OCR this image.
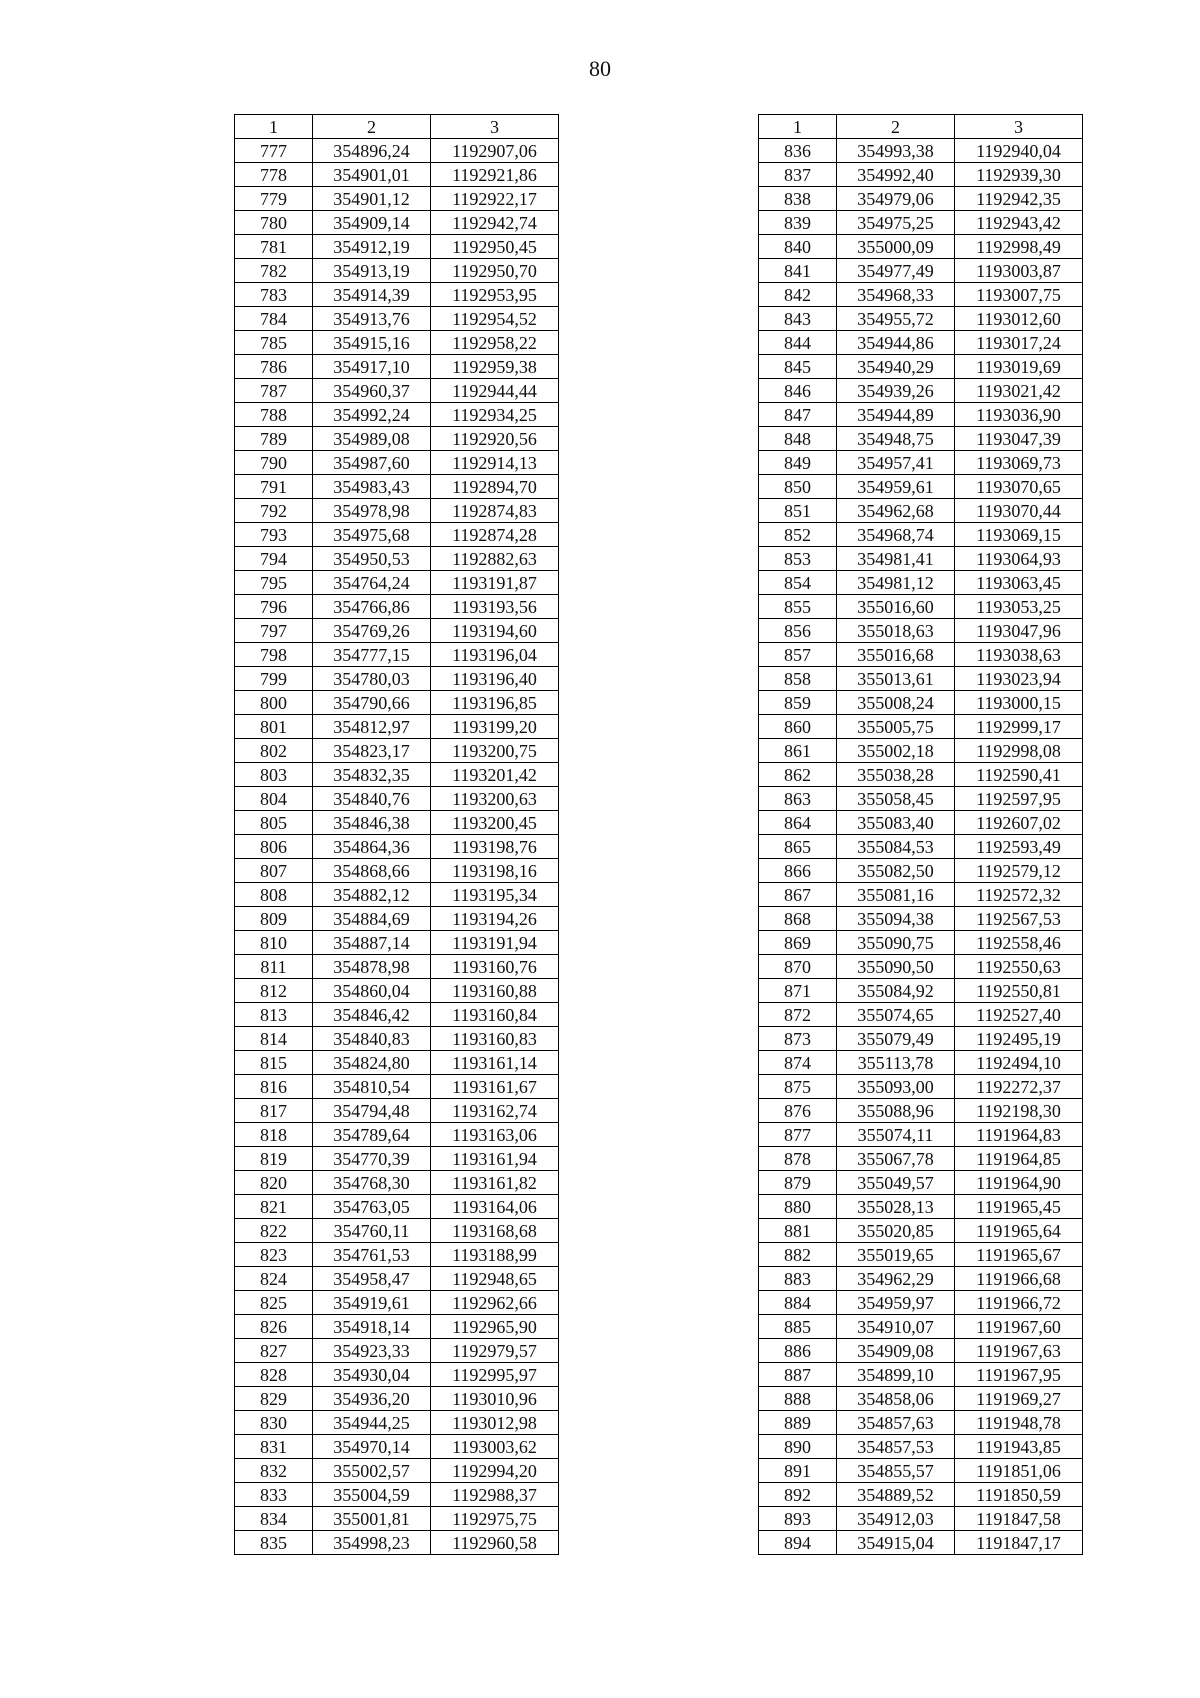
80
1	2	3
777	354896,24	1192907,06
778	354901,01	1192921,86
779	354901,12	1192922,17
780	354909,14	1192942,74
781	354912,19	1192950,45
782	354913,19	1192950,70
783	354914,39	1192953,95
784	354913,76	1192954,52
785	354915,16	1192958,22
786	354917,10	1192959,38
787	354960,37	1192944,44
788	354992,24	1192934,25
789	354989,08	1192920,56
790	354987,60	1192914,13
791	354983,43	1192894,70
792	354978,98	1192874,83
793	354975,68	1192874,28
794	354950,53	1192882,63
795	354764,24	1193191,87
796	354766,86	1193193,56
797	354769,26	1193194,60
798	354777,15	1193196,04
799	354780,03	1193196,40
800	354790,66	1193196,85
801	354812,97	1193199,20
802	354823,17	1193200,75
803	354832,35	1193201,42
804	354840,76	1193200,63
805	354846,38	1193200,45
806	354864,36	1193198,76
807	354868,66	1193198,16
808	354882,12	1193195,34
809	354884,69	1193194,26
810	354887,14	1193191,94
811	354878,98	1193160,76
812	354860,04	1193160,88
813	354846,42	1193160,84
814	354840,83	1193160,83
815	354824,80	1193161,14
816	354810,54	1193161,67
817	354794,48	1193162,74
818	354789,64	1193163,06
819	354770,39	1193161,94
820	354768,30	1193161,82
821	354763,05	1193164,06
822	354760,11	1193168,68
823	354761,53	1193188,99
824	354958,47	1192948,65
825	354919,61	1192962,66
826	354918,14	1192965,90
827	354923,33	1192979,57
828	354930,04	1192995,97
829	354936,20	1193010,96
830	354944,25	1193012,98
831	354970,14	1193003,62
832	355002,57	1192994,20
833	355004,59	1192988,37
834	355001,81	1192975,75
835	354998,23	1192960,58
1	2	3
836	354993,38	1192940,04
837	354992,40	1192939,30
838	354979,06	1192942,35
839	354975,25	1192943,42
840	355000,09	1192998,49
841	354977,49	1193003,87
842	354968,33	1193007,75
843	354955,72	1193012,60
844	354944,86	1193017,24
845	354940,29	1193019,69
846	354939,26	1193021,42
847	354944,89	1193036,90
848	354948,75	1193047,39
849	354957,41	1193069,73
850	354959,61	1193070,65
851	354962,68	1193070,44
852	354968,74	1193069,15
853	354981,41	1193064,93
854	354981,12	1193063,45
855	355016,60	1193053,25
856	355018,63	1193047,96
857	355016,68	1193038,63
858	355013,61	1193023,94
859	355008,24	1193000,15
860	355005,75	1192999,17
861	355002,18	1192998,08
862	355038,28	1192590,41
863	355058,45	1192597,95
864	355083,40	1192607,02
865	355084,53	1192593,49
866	355082,50	1192579,12
867	355081,16	1192572,32
868	355094,38	1192567,53
869	355090,75	1192558,46
870	355090,50	1192550,63
871	355084,92	1192550,81
872	355074,65	1192527,40
873	355079,49	1192495,19
874	355113,78	1192494,10
875	355093,00	1192272,37
876	355088,96	1192198,30
877	355074,11	1191964,83
878	355067,78	1191964,85
879	355049,57	1191964,90
880	355028,13	1191965,45
881	355020,85	1191965,64
882	355019,65	1191965,67
883	354962,29	1191966,68
884	354959,97	1191966,72
885	354910,07	1191967,60
886	354909,08	1191967,63
887	354899,10	1191967,95
888	354858,06	1191969,27
889	354857,63	1191948,78
890	354857,53	1191943,85
891	354855,57	1191851,06
892	354889,52	1191850,59
893	354912,03	1191847,58
894	354915,04	1191847,17
